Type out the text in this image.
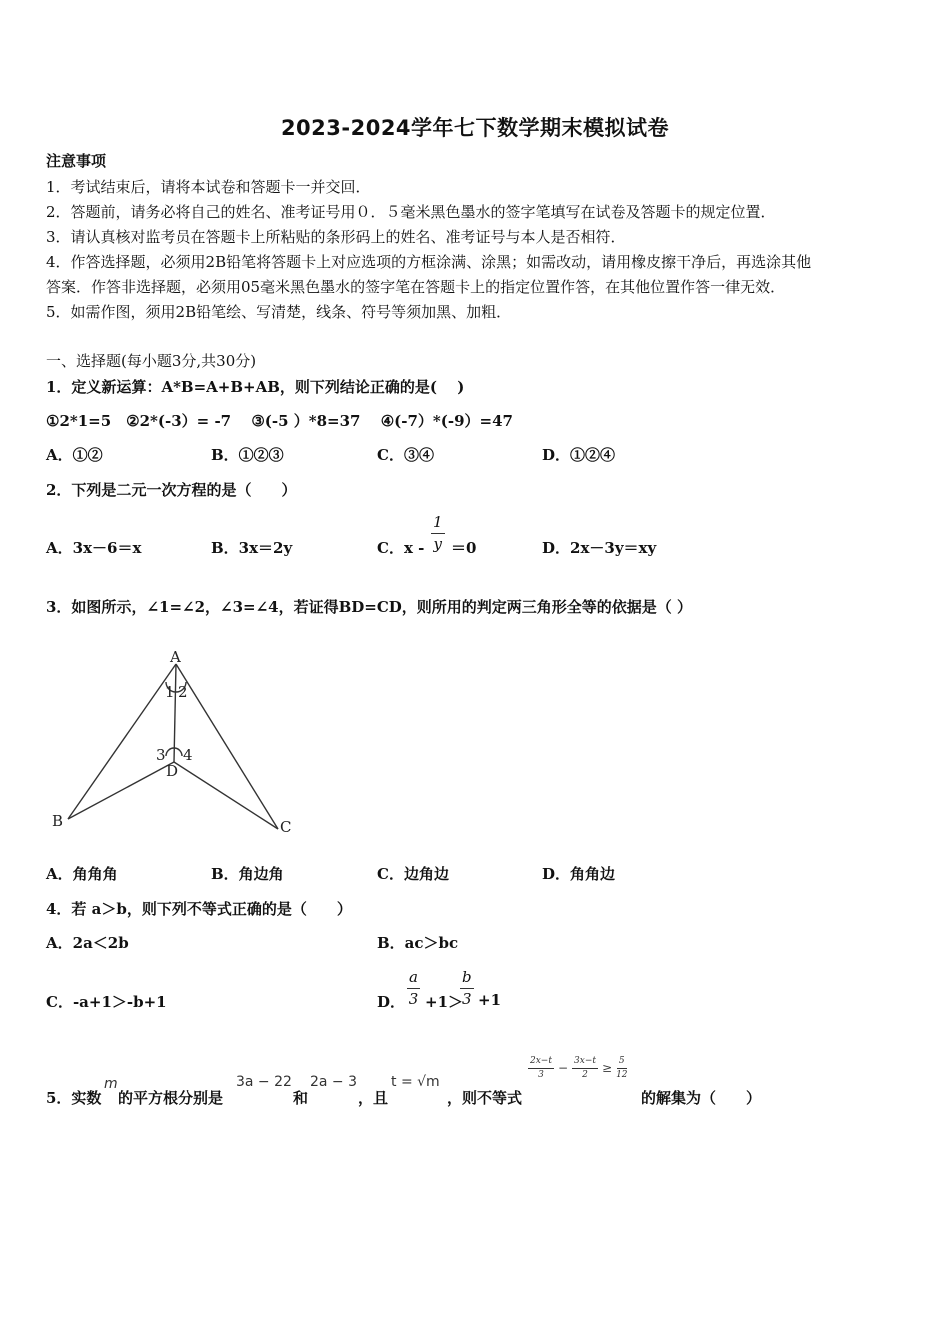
2023-2024学年七下数学期末模拟试卷
注意事项
1．考试结束后，请将本试卷和答题卡一并交回．
2．答题前，请务必将自己的姓名、准考证号用０．５毫米黑色墨水的签字笔填写在试卷及答题卡的规定位置．
3．请认真核对监考员在答题卡上所粘贴的条形码上的姓名、准考证号与本人是否相符．
4．作答选择题，必须用2B铅笔将答题卡上对应选项的方框涂满、涂黑；如需改动，请用橡皮擦干净后，再选涂其他
答案．作答非选择题，必须用05毫米黑色墨水的签字笔在答题卡上的指定位置作答，在其他位置作答一律无效．
5．如需作图，须用2B铅笔绘、写清楚，线条、符号等须加黑、加粗．
一、选择题(每小题3分,共30分)
1．定义新运算：A*B=A+B+AB，则下列结论正确的是(　 )
①2*1=5　②2*(-3）= -7　 ③(-5 ）*8=37　 ④(-7）*(-9）=47
A．①②	B．①②③	C．③④	D．①②④
2．下列是二元一次方程的是（　　）
A．3x－6＝x	B．3x＝2y	C．$x - \frac{1}{y} =0$	D．2x－3y＝xy
3．如图所示，∠1=∠2，∠3=∠4，若证得BD=CD，则所用的判定两三角形全等的依据是（ ）
A
1 2
3 4
D
B	C
A．角角角	B．角边角	C．边角边	D．角角边
4．若 a＞b，则下列不等式正确的是（　　）
A．2a＜2b	B．ac＞bc
C．-a+1＞-b+1	D． $\frac{a}{3} +1>$
$\frac{b}{3} +1$
5．实数
m
的平方根分别是
3a − 22
和
2a − 3
，且
t = √m
，则不等式
$\frac{2x-t}{3} - \frac{3x-t}{2} \ge \frac{5}{12}$
的解集为（　　）
